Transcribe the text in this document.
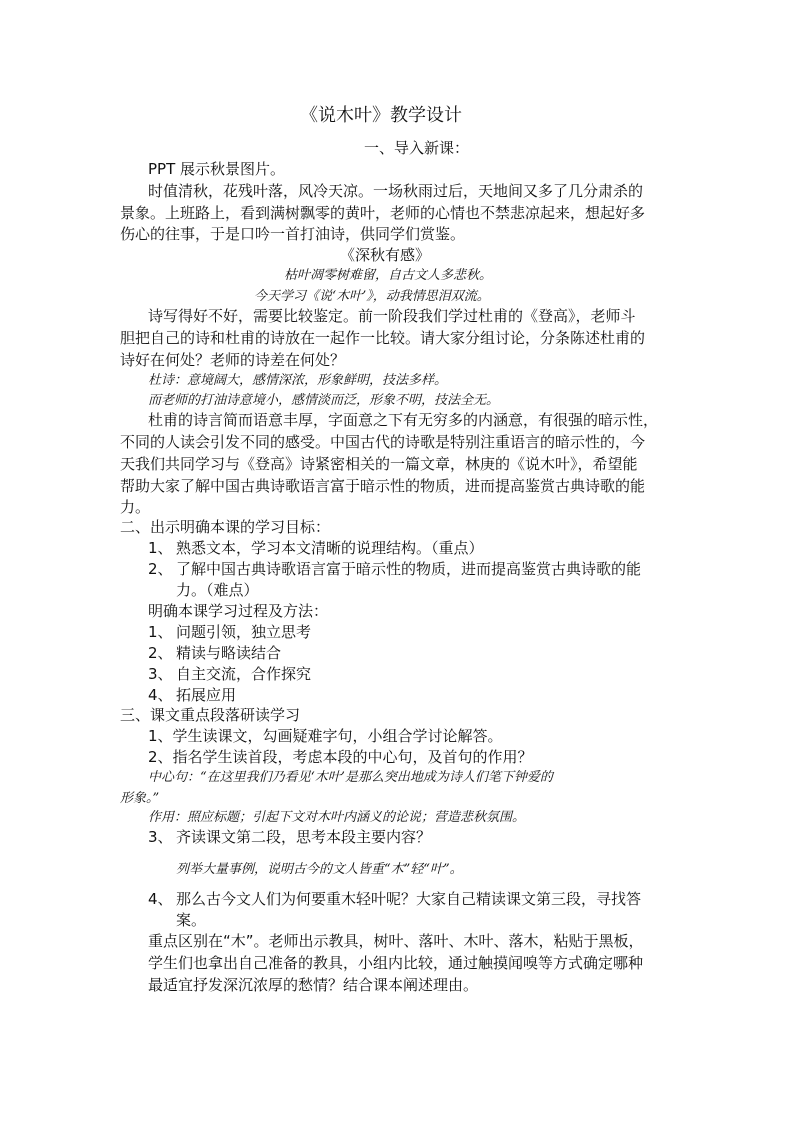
《说木叶》教学设计
一、导入新课：
PPT 展示秋景图片。
时值清秋，花残叶落，风冷天凉。一场秋雨过后，天地间又多了几分肃杀的
景象。上班路上，看到满树飘零的黄叶，老师的心情也不禁悲凉起来，想起好多
伤心的往事，于是口吟一首打油诗，供同学们赏鉴。
《深秋有感》
枯叶凋零树难留，自古文人多悲秋。
今天学习《说‘木叶’》，动我情思泪双流。
诗写得好不好，需要比较鉴定。前一阶段我们学过杜甫的《登高》，老师斗
胆把自己的诗和杜甫的诗放在一起作一比较。请大家分组讨论，分条陈述杜甫的
诗好在何处？老师的诗差在何处？
杜诗：意境阔大，感情深浓，形象鲜明，技法多样。
而老师的打油诗意境小，感情淡而泛，形象不明，技法全无。
杜甫的诗言简而语意丰厚，字面意之下有无穷多的内涵意，有很强的暗示性，
不同的人读会引发不同的感受。中国古代的诗歌是特别注重语言的暗示性的，今
天我们共同学习与《登高》诗紧密相关的一篇文章，林庚的《说木叶》，希望能
帮助大家了解中国古典诗歌语言富于暗示性的物质，进而提高鉴赏古典诗歌的能
力。
二、出示明确本课的学习目标：
1、 熟悉文本，学习本文清晰的说理结构。（重点）
2、 了解中国古典诗歌语言富于暗示性的物质，进而提高鉴赏古典诗歌的能
力。（难点）
明确本课学习过程及方法：
1、 问题引领，独立思考
2、 精读与略读结合
3、 自主交流，合作探究
4、 拓展应用
三、课文重点段落研读学习
1、学生读课文，勾画疑难字句，小组合学讨论解答。
2、指名学生读首段，考虑本段的中心句，及首句的作用？
中心句：“在这里我们乃看见‘木叶’是那么突出地成为诗人们笔下钟爱的
形象。”
作用：照应标题；引起下文对木叶内涵义的论说；营造悲秋氛围。
3、 齐读课文第二段，思考本段主要内容？
列举大量事例，说明古今的文人皆重“木”轻“叶”。
4、 那么古今文人们为何要重木轻叶呢？大家自己精读课文第三段，寻找答
案。
重点区别在“木”。老师出示教具，树叶、落叶、木叶、落木，粘贴于黑板，
学生们也拿出自己准备的教具，小组内比较，通过触摸闻嗅等方式确定哪种
最适宜抒发深沉浓厚的愁情？结合课本阐述理由。
